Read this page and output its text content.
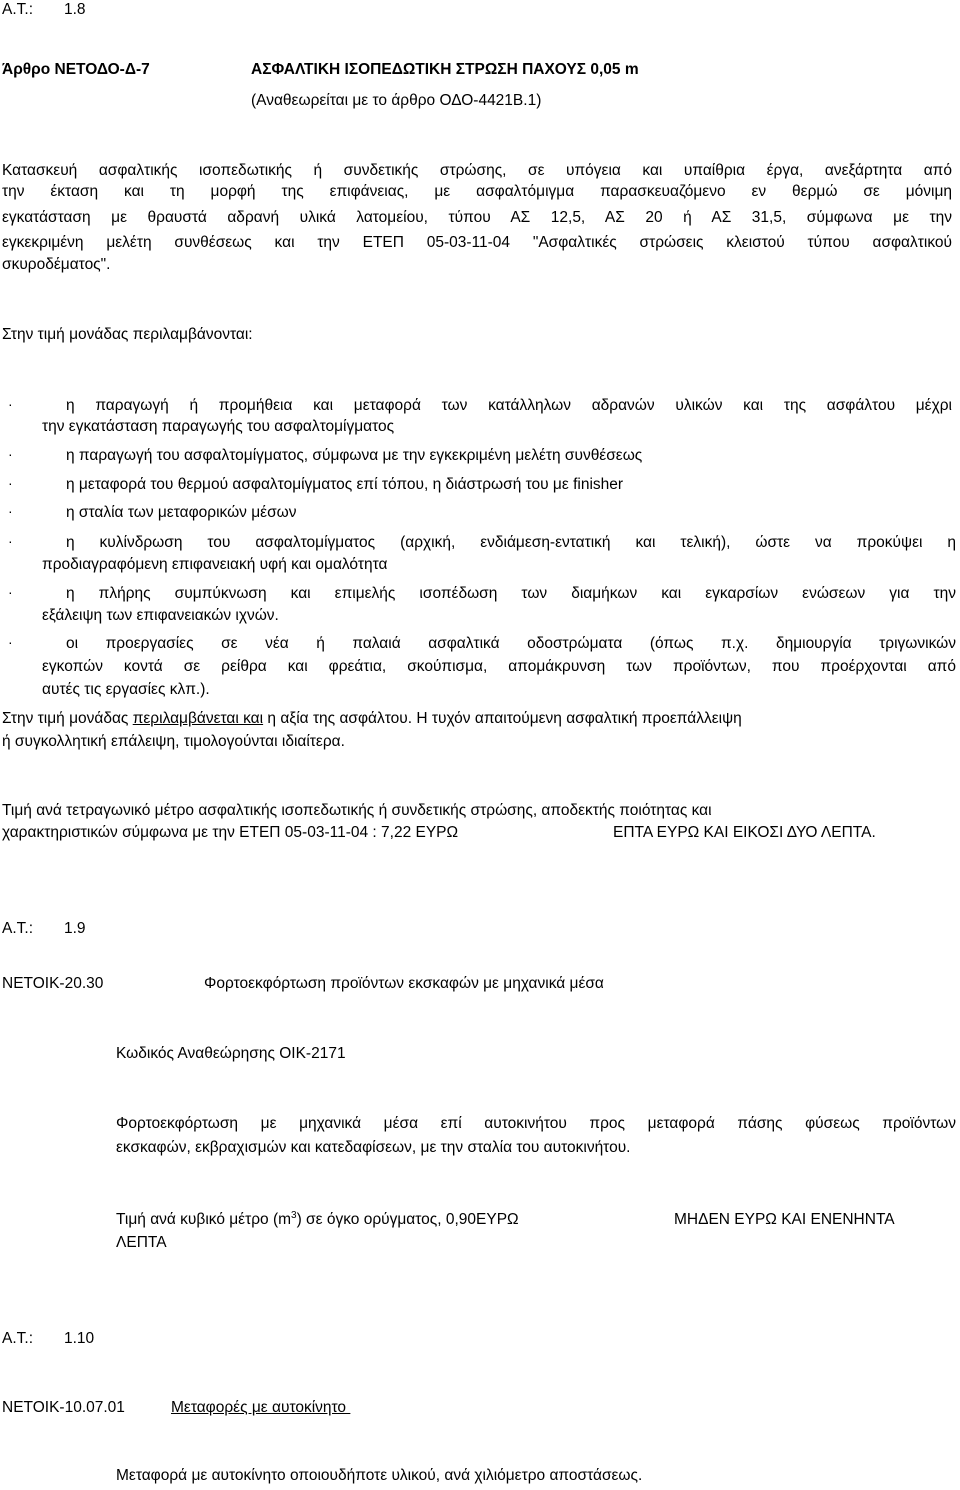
Α.Τ.: 1.8
Άρθρο ΝΕΤΟΔΟ-Δ-7	ΑΣΦΑΛΤΙΚΗ ΙΣΟΠΕΔΩΤΙΚΗ ΣΤΡΩΣΗ ΠΑΧΟΥΣ 0,05 m
(Αναθεωρείται με το άρθρο ΟΔΟ-4421Β.1)
Κατασκευή ασφαλτικής ισοπεδωτικής ή συνδετικής στρώσης, σε υπόγεια και υπαίθρια έργα, ανεξάρτητα από
την έκταση και τη μορφή της επιφάνειας, με ασφαλτόμιγμα παρασκευαζόμενο εν θερμώ σε μόνιμη
εγκατάσταση με θραυστά αδρανή υλικά λατομείου, τύπου ΑΣ 12,5, ΑΣ 20 ή ΑΣ 31,5, σύμφωνα με την
εγκεκριμένη μελέτη συνθέσεως και την ΕΤΕΠ 05-03-11-04 "Ασφαλτικές στρώσεις κλειστού τύπου ασφαλτικού
σκυροδέματος".
Στην τιμή μονάδας περιλαμβάνονται:
·	η παραγωγή ή προμήθεια και μεταφορά των κατάλληλων αδρανών υλικών και της ασφάλτου μέχρι
την εγκατάσταση παραγωγής του ασφαλτομίγματος
·	η παραγωγή του ασφαλτομίγματος, σύμφωνα με την εγκεκριμένη μελέτη συνθέσεως
·	η μεταφορά του θερμού ασφαλτομίγματος επί τόπου, η διάστρωσή του με finisher
·	η σταλία των μεταφορικών μέσων
·	η κυλίνδρωση του ασφαλτομίγματος (αρχική, ενδιάμεση-εντατική και τελική), ώστε να προκύψει η
προδιαγραφόμενη επιφανειακή υφή και ομαλότητα
·	η πλήρης συμπύκνωση και επιμελής ισοπέδωση των διαμήκων και εγκαρσίων ενώσεων για την
εξάλειψη των επιφανειακών ιχνών.
·	οι προεργασίες σε νέα ή παλαιά ασφαλτικά οδοστρώματα (όπως π.χ. δημιουργία τριγωνικών
εγκοπών κοντά σε ρείθρα και φρεάτια, σκούπισμα, απομάκρυνση των προϊόντων, που προέρχονται από
αυτές τις εργασίες κλπ.).
Στην τιμή μονάδας περιλαμβάνεται και η αξία της ασφάλτου. Η τυχόν απαιτούμενη ασφαλτική προεπάλλειψη
ή συγκολλητική επάλειψη, τιμολογούνται ιδιαίτερα.
Τιμή ανά τετραγωνικό μέτρο ασφαλτικής ισοπεδωτικής ή συνδετικής στρώσης, αποδεκτής ποιότητας και
χαρακτηριστικών σύμφωνα με την ΕΤΕΠ 05-03-11-04 : 7,22 ΕΥΡΩ	ΕΠΤΑ ΕΥΡΩ ΚΑΙ ΕΙΚΟΣΙ ΔΥΟ ΛΕΠΤΑ.
Α.Τ.: 1.9
ΝΕΤΟΙΚ-20.30	Φορτοεκφόρτωση προϊόντων εκσκαφών με μηχανικά μέσα
Κωδικός Αναθεώρησης ΟΙΚ-2171
Φορτοεκφόρτωση με μηχανικά μέσα επί αυτοκινήτου προς μεταφορά πάσης φύσεως προϊόντων
εκσκαφών, εκβραχισμών και κατεδαφίσεων, με την σταλία του αυτοκινήτου.
Τιμή ανά κυβικό μέτρο $(m^3)$ σε όγκο ορύγματος, 0,90ΕΥΡΩ	ΜΗΔΕΝ ΕΥΡΩ ΚΑΙ ΕΝΕΝΗΝΤΑ
ΛΕΠΤΑ
Α.Τ.: 1.10
ΝΕΤΟΙΚ-10.07.01	Μεταφορές με αυτοκίνητο
Μεταφορά με αυτοκίνητο οποιουδήποτε υλικού, ανά χιλιόμετρο αποστάσεως.
